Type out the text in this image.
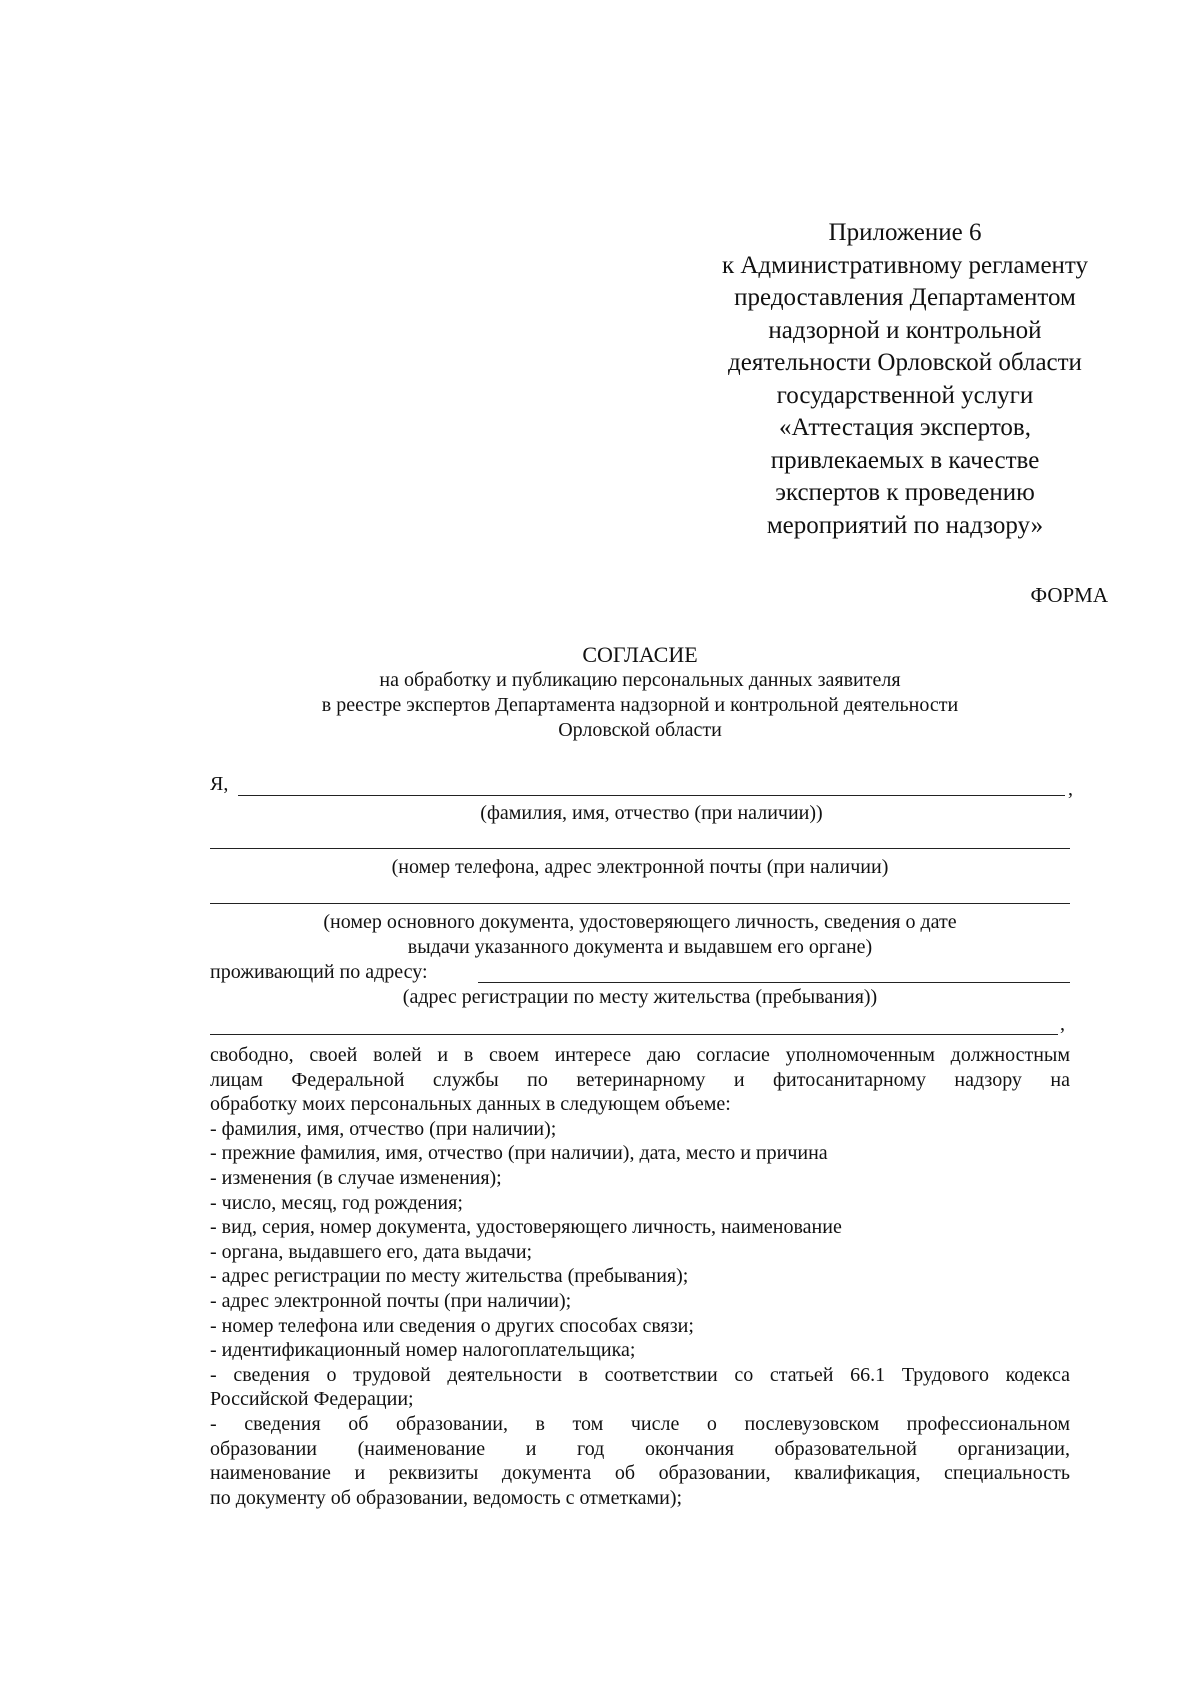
Приложение 6
к Административному регламенту
предоставления Департаментом
надзорной и контрольной
деятельности Орловской области
государственной услуги
«Аттестация экспертов,
привлекаемых в качестве
экспертов к проведению
мероприятий по надзору»
ФОРМА
СОГЛАСИЕ
на обработку и публикацию персональных данных заявителя
в реестре экспертов Департамента надзорной и контрольной деятельности
Орловской области
Я,	,
(фамилия, имя, отчество (при наличии))
(номер телефона, адрес электронной почты (при наличии)
(номер основного документа, удостоверяющего личность, сведения о дате
выдачи указанного документа и выдавшем его органе)
проживающий по адресу:
(адрес регистрации по месту жительства (пребывания))
,

свободно, своей волей и в своем интересе даю согласие уполномоченным должностным

лицам Федеральной службы по ветеринарному и фитосанитарному надзору на

обработку моих персональных данных в следующем объеме:

- фамилия, имя, отчество (при наличии);

- прежние фамилия, имя, отчество (при наличии), дата, место и причина

- изменения (в случае изменения);

- число, месяц, год рождения;

- вид, серия, номер документа, удостоверяющего личность, наименование

- органа, выдавшего его, дата выдачи;

- адрес регистрации по месту жительства (пребывания);

- адрес электронной почты (при наличии);

- номер телефона или сведения о других способах связи;

- идентификационный номер налогоплательщика;

- сведения о трудовой деятельности в соответствии со статьей 66.1 Трудового кодекса

Российской Федерации;

- сведения об образовании, в том числе о послевузовском профессиональном

образовании (наименование и год окончания образовательной организации,

наименование и реквизиты документа об образовании, квалификация, специальность

по документу об образовании, ведомость с отметками);
